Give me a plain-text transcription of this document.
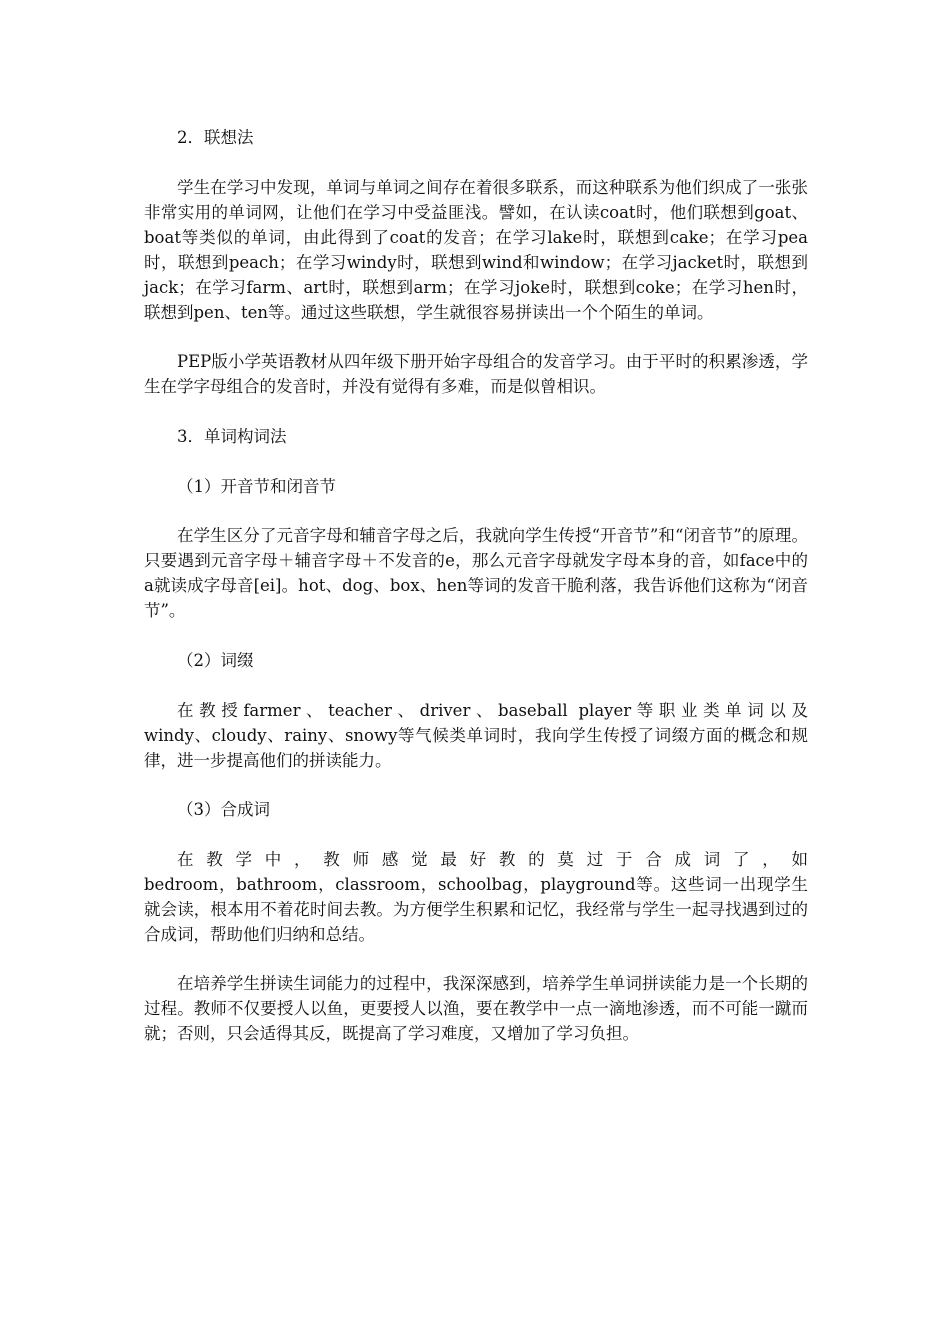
2．联想法

学生在学习中发现，单词与单词之间存在着很多联系，而这种联系为他们织成了一张张非常实用的单词网，让他们在学习中受益匪浅。譬如，在认读coat时，他们联想到goat、boat等类似的单词，由此得到了coat的发音；在学习lake时，联想到cake；在学习pea时，联想到peach；在学习windy时，联想到wind和window；在学习jacket时，联想到jack；在学习farm、art时，联想到arm；在学习joke时，联想到coke；在学习hen时，联想到pen、ten等。通过这些联想，学生就很容易拼读出一个个陌生的单词。

PEP版小学英语教材从四年级下册开始字母组合的发音学习。由于平时的积累渗透，学生在学字母组合的发音时，并没有觉得有多难，而是似曾相识。

3．单词构词法

（1）开音节和闭音节

在学生区分了元音字母和辅音字母之后，我就向学生传授“开音节”和“闭音节”的原理。只要遇到元音字母＋辅音字母＋不发音的e，那么元音字母就发字母本身的音，如face中的a就读成字母音[ei]。hot、dog、box、hen等词的发音干脆利落，我告诉他们这称为“闭音节”。

（2）词缀

在教授farmer、teacher、driver、baseball player等职业类单词以及

windy、cloudy、rainy、snowy等气候类单词时，我向学生传授了词缀方面的概念和规律，进一步提高他们的拼读能力。

（3）合成词

在教学中，教师感觉最好教的莫过于合成词了，如

bedroom，bathroom，classroom，schoolbag，playground等。这些词一出现学生就会读，根本用不着花时间去教。为方便学生积累和记忆，我经常与学生一起寻找遇到过的合成词，帮助他们归纳和总结。

在培养学生拼读生词能力的过程中，我深深感到，培养学生单词拼读能力是一个长期的过程。教师不仅要授人以鱼，更要授人以渔，要在教学中一点一滴地渗透，而不可能一蹴而就；否则，只会适得其反，既提高了学习难度，又增加了学习负担。
